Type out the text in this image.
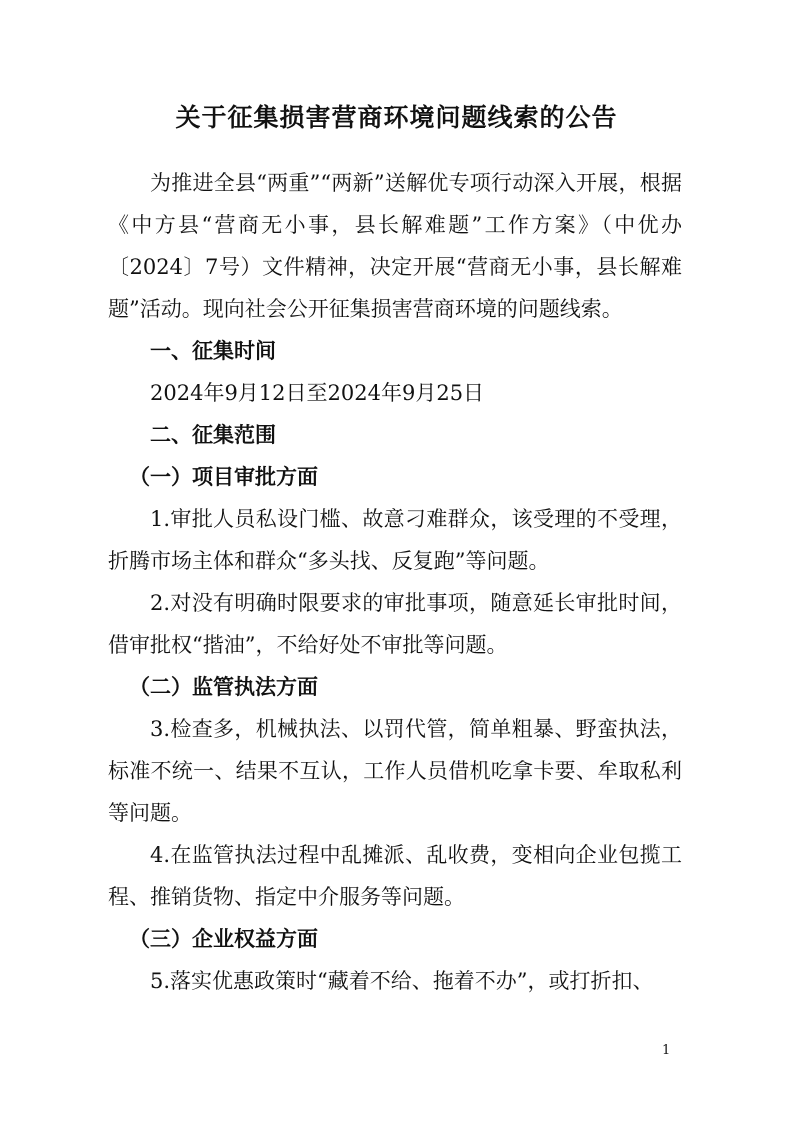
关于征集损害营商环境问题线索的公告

为推进全县“两重”“两新”送解优专项行动深入开展，根据《中方县“营商无小事，县长解难题”工作方案》（中优办〔2024〕7号）文件精神，决定开展“营商无小事，县长解难题”活动。现向社会公开征集损害营商环境的问题线索。

一、征集时间

2024年9月12日至2024年9月25日

二、征集范围

（一）项目审批方面

1.审批人员私设门槛、故意刁难群众，该受理的不受理，折腾市场主体和群众“多头找、反复跑”等问题。

2.对没有明确时限要求的审批事项，随意延长审批时间，借审批权“揩油”，不给好处不审批等问题。

（二）监管执法方面

3.检查多，机械执法、以罚代管，简单粗暴、野蛮执法，标准不统一、结果不互认，工作人员借机吃拿卡要、牟取私利等问题。

4.在监管执法过程中乱摊派、乱收费，变相向企业包揽工程、推销货物、指定中介服务等问题。

（三）企业权益方面

5.落实优惠政策时“藏着不给、拖着不办”，或打折扣、

1
